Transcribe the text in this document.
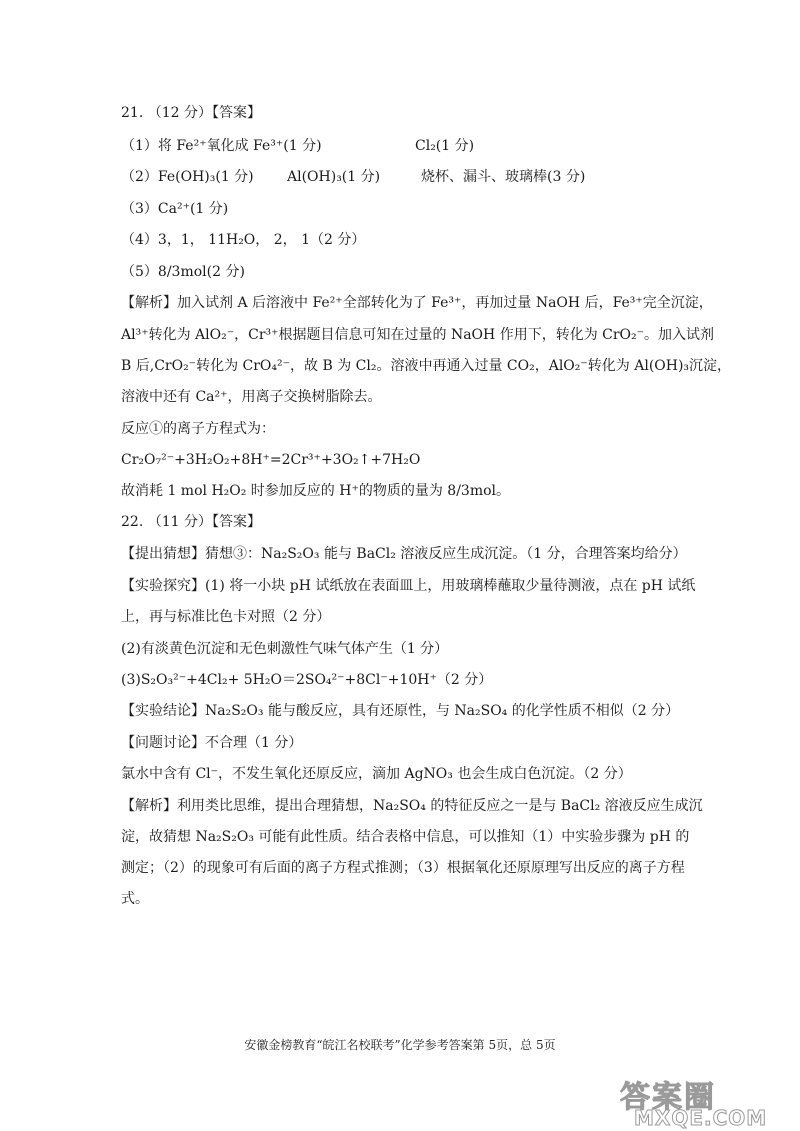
21. （12 分）【答案】
（1）将 Fe²⁺氧化成 Fe³⁺(1 分)	Cl₂(1 分)
（2）Fe(OH)₃(1 分) Al(OH)₃(1 分)	烧杯、漏斗、玻璃棒(3 分)
（3）Ca²⁺(1 分)
（4）3，1， 11H₂O， 2， 1（2 分）
（5）8/3mol(2 分)
【解析】加入试剂 A 后溶液中 Fe²⁺全部转化为了 Fe³⁺，再加过量 NaOH 后，Fe³⁺完全沉淀，
Al³⁺转化为 AlO₂⁻，Cr³⁺根据题目信息可知在过量的 NaOH 作用下，转化为 CrO₂⁻。加入试剂
B 后,CrO₂⁻转化为 CrO₄²⁻，故 B 为 Cl₂。溶液中再通入过量 CO₂，AlO₂⁻转化为 Al(OH)₃沉淀，
溶液中还有 Ca²⁺，用离子交换树脂除去。
反应①的离子方程式为：
Cr₂O₇²⁻+3H₂O₂+8H⁺=2Cr³⁺+3O₂↑+7H₂O
故消耗 1 mol H₂O₂ 时参加反应的 H⁺的物质的量为 8/3mol。
22. （11 分）【答案】
【提出猜想】猜想③：Na₂S₂O₃ 能与 BaCl₂ 溶液反应生成沉淀。（1 分，合理答案均给分）
【实验探究】(1) 将一小块 pH 试纸放在表面皿上，用玻璃棒蘸取少量待测液，点在 pH 试纸
上，再与标准比色卡对照（2 分）
(2)有淡黄色沉淀和无色刺激性气味气体产生（1 分）
(3)S₂O₃²⁻+4Cl₂+ 5H₂O＝2SO₄²⁻+8Cl⁻+10H⁺（2 分）
【实验结论】Na₂S₂O₃ 能与酸反应，具有还原性，与 Na₂SO₄ 的化学性质不相似（2 分）
【问题讨论】不合理（1 分）
氯水中含有 Cl⁻，不发生氧化还原反应，滴加 AgNO₃ 也会生成白色沉淀。（2 分）
【解析】利用类比思维，提出合理猜想，Na₂SO₄ 的特征反应之一是与 BaCl₂ 溶液反应生成沉
淀，故猜想 Na₂S₂O₃ 可能有此性质。结合表格中信息，可以推知（1）中实验步骤为 pH 的
测定；（2）的现象可有后面的离子方程式推测；（3）根据氧化还原原理写出反应的离子方程
式。
安徽金榜教育“皖江名校联考”化学参考答案第 5页，总 5页
答案圈
MXQE.COM
